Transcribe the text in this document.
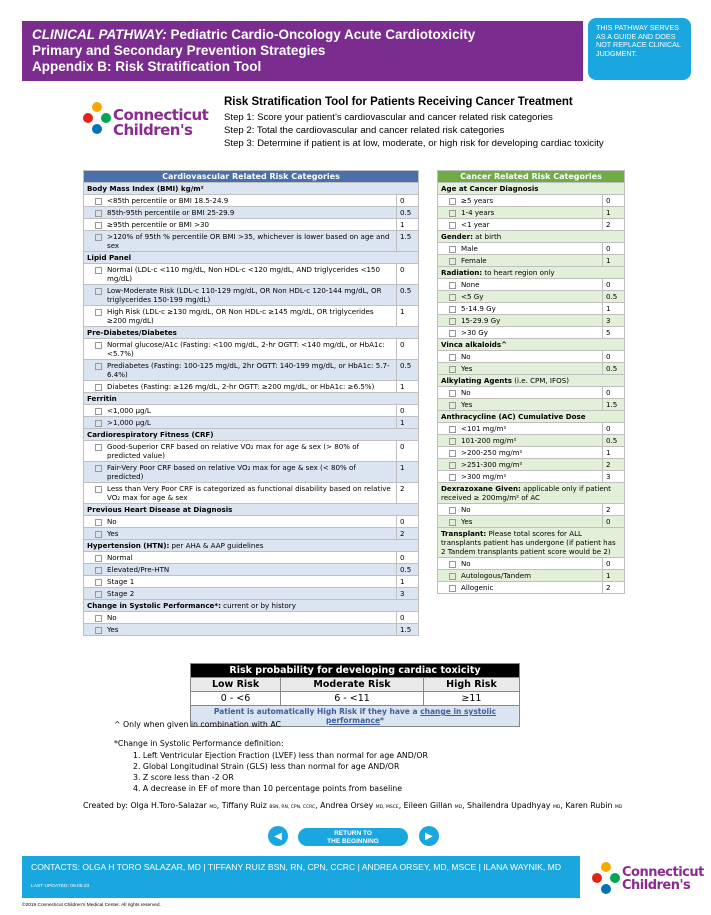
CLINICAL PATHWAY: Pediatric Cardio-Oncology Acute Cardiotoxicity
Primary and Secondary Prevention Strategies
Appendix B: Risk Stratification Tool
THIS PATHWAY SERVES AS A GUIDE AND DOES NOT REPLACE CLINICAL JUDGMENT.
Connecticut
Children's
Risk Stratification Tool for Patients Receiving Cancer Treatment
Step 1: Score your patient’s cardiovascular and cancer related risk categories
Step 2: Total the cardiovascular and cancer related risk categories
Step 3: Determine if patient is at low, moderate, or high risk for developing cardiac toxicity
Cardiovascular Related Risk Categories	
Body Mass Index (BMI) kg/m²	

<85th percentile or BMI 18.5-24.9	0

85th-95th percentile or BMI 25-29.9	0.5

≥95th percentile or BMI >30	1

>120% of 95th % percentile OR BMI >35, whichever is lower based on age and sex	1.5
Lipid Panel	

Normal (LDL-c <110 mg/dL, Non HDL-c <120 mg/dL, AND triglycerides <150 mg/dL)	0

Low-Moderate Risk (LDL-c 110-129 mg/dL, OR Non HDL-c 120-144 mg/dL, OR triglycerides 150-199 mg/dL)	0.5

High Risk (LDL-c ≥130 mg/dL, OR Non HDL-c ≥145 mg/dL, OR triglycerides ≥200 mg/dL)	1
Pre-Diabetes/Diabetes	

Normal glucose/A1c (Fasting: <100 mg/dL, 2-hr OGTT: <140 mg/dL, or HbA1c: <5.7%)	0

Prediabetes (Fasting: 100-125 mg/dL, 2hr OGTT: 140-199 mg/dL, or HbA1c: 5.7-6.4%)	0.5

Diabetes (Fasting: ≥126 mg/dL, 2-hr OGTT: ≥200 mg/dL, or HbA1c: ≥6.5%)	1
Ferritin	

<1,000 µg/L	0

>1,000 µg/L	1
Cardiorespiratory Fitness (CRF)	

Good-Superior CRF based on relative VO₂ max for age & sex (> 80% of predicted value)	0

Fair-Very Poor CRF based on relative VO₂ max for age & sex (< 80% of predicted)	1

Less than Very Poor CRF is categorized as functional disability based on relative VO₂ max for age & sex	2
Previous Heart Disease at Diagnosis	

No	0

Yes	2
Hypertension (HTN): per AHA & AAP guidelines	

Normal	0

Elevated/Pre-HTN	0.5

Stage 1	1

Stage 2	3
Change in Systolic Performance*: current or by history	

No	0

Yes	1.5
Cancer Related Risk Categories	
Age at Cancer Diagnosis	

≥5 years	0

1-4 years	1

<1 year	2
Gender: at birth	

Male	0

Female	1
Radiation: to heart region only	

None	0

<5 Gy	0.5

5-14.9 Gy	1

15-29.9 Gy	3

>30 Gy	5
Vinca alkaloids^	

No	0

Yes	0.5
Alkylating Agents (i.e. CPM, IFOS)	

No	0

Yes	1.5
Anthracycline (AC) Cumulative Dose	

<101 mg/m²	0

101-200 mg/m²	0.5

>200-250 mg/m²	1

>251-300 mg/m²	2

>300 mg/m²	3
Dexrazoxane Given: applicable only if patient received ≥ 200mg/m² of AC	

No	2

Yes	0
Transplant: Please total scores for ALL transplants patient has undergone (if patient has 2 Tandem transplants patient score would be 2)	

No	0

Autologous/Tandem	1

Allogenic	2
Risk probability for developing cardiac toxicity		
Low Risk	Moderate Risk	High Risk
0 - <6	6 - <11	≥11
Patient is automatically High Risk if they have a change in systolic performance*		
^ Only when given in combination with AC
*Change in Systolic Performance definition:
1. Left Ventricular Ejection Fraction (LVEF) less than normal for age AND/OR
2. Global Longitudinal Strain (GLS) less than normal for age AND/OR
3. Z score less than -2 OR
4. A decrease in EF of more than 10 percentage points from baseline
Created by: Olga H.Toro-Salazar MD, Tiffany Ruiz BSN, RN, CPN, CCRC, Andrea Orsey MD, MSCE, Eileen Gillan MD, Shailendra Upadhyay MD, Karen Rubin MD
◀	RETURN TO
THE BEGINNING	▶
CONTACTS: OLGA H TORO SALAZAR, MD | TIFFANY RUIZ BSN, RN, CPN, CCRC | ANDREA ORSEY, MD, MSCE | ILANA WAYNIK, MD
LAST UPDATED: 09.08.23
Connecticut
Children's
©2019 Connecticut Children's Medical Center. All rights reserved.
